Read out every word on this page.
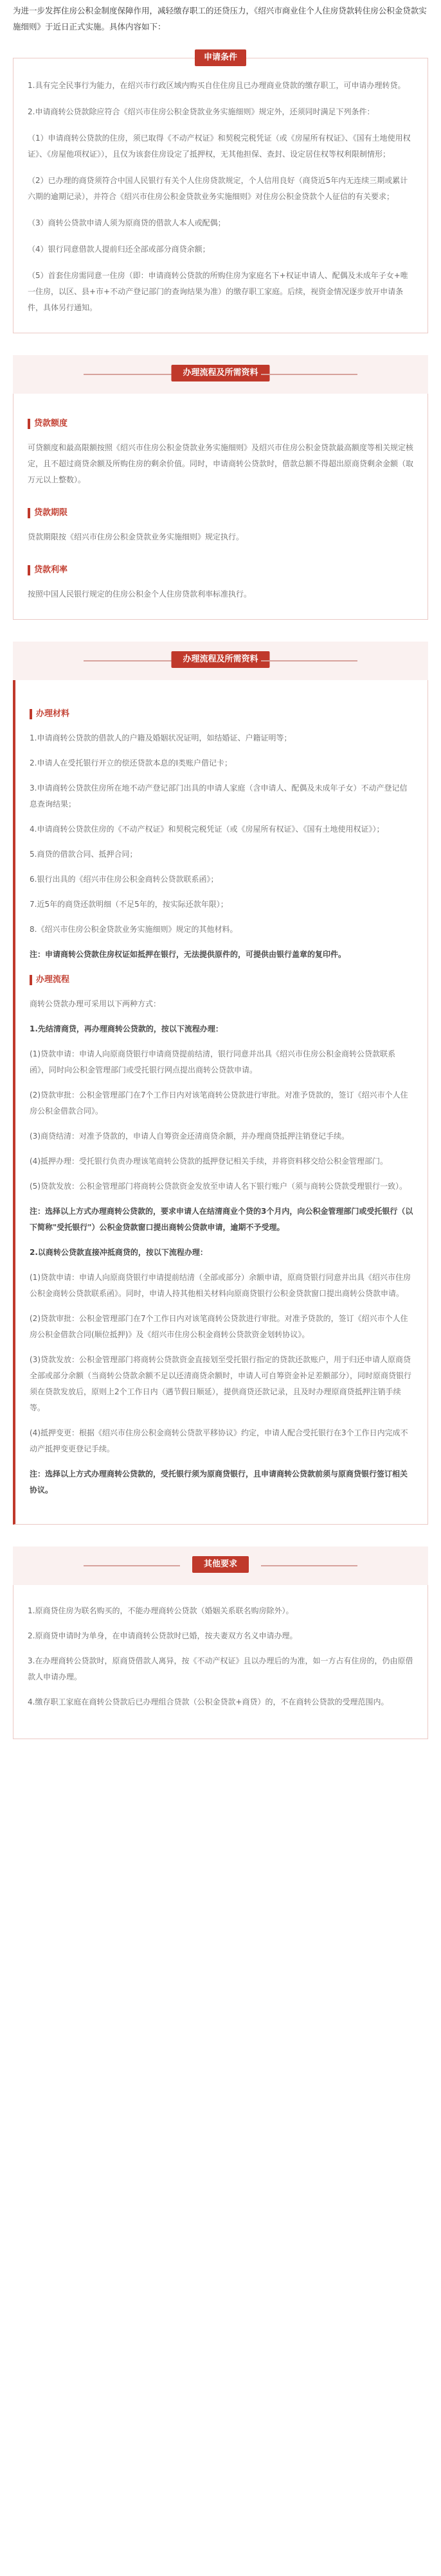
为进一步发挥住房公积金制度保障作用，减轻缴存职工的还贷压力，《绍兴市商业住个人住房贷款转住房公积金贷款实施细则》于近日正式实施。具体内容如下：
申请条件

1.具有完全民事行为能力，在绍兴市行政区域内购买自住住房且已办理商业贷款的缴存职工，可申请办理转贷。

2.申请商转公贷款除应符合《绍兴市住房公积金贷款业务实施细则》规定外，还须同时满足下列条件：

（1）申请商转公贷款的住房，须已取得《不动产权证》和契税完税凭证（或《房屋所有权证》、《国有土地使用权证》、《房屋他项权证》），且仅为该套住房设定了抵押权，无其他担保、查封、设定居住权等权利限制情形；

（2）已办理的商贷须符合中国人民银行有关个人住房贷款规定，个人信用良好（商贷近5年内无连续三期或累计六期的逾期记录），并符合《绍兴市住房公积金贷款业务实施细则》对住房公积金贷款个人征信的有关要求；

（3）商转公贷款申请人须为原商贷的借款人本人或配偶；

（4）银行同意借款人提前归还全部或部分商贷余额；

（5）首套住房需同意一住房（即：申请商转公贷款的所购住房为家庭名下+权证申请人、配偶及未成年子女+唯一住房，以区、县+市+不动产登记部门的查询结果为准）的缴存职工家庭。后续，视资金情况逐步放开申请条件，具体另行通知。

办理流程及所需资料
贷款额度

可贷额度和最高限额按照《绍兴市住房公积金贷款业务实施细则》及绍兴市住房公积金贷款最高额度等相关规定核定，且不超过商贷余额及所购住房的剩余价值。同时，申请商转公贷款时，借款总额不得超出原商贷剩余金额（取万元以上整数）。

贷款期限

贷款期限按《绍兴市住房公积金贷款业务实施细则》规定执行。

贷款利率

按照中国人民银行规定的住房公积金个人住房贷款利率标准执行。

办理流程及所需资料
办理材料

1.申请商转公贷款的借款人的户籍及婚姻状况证明，如结婚证、户籍证明等；

2.申请人在受托银行开立的偿还贷款本息的Ⅰ类账户借记卡；

3.申请商转公贷款住房所在地不动产登记部门出具的申请人家庭（含申请人、配偶及未成年子女）不动产登记信息查询结果；

4.申请商转公贷款住房的《不动产权证》和契税完税凭证（或《房屋所有权证》、《国有土地使用权证》）；

5.商贷的借款合同、抵押合同；

6.银行出具的《绍兴市住房公积金商转公贷款联系函》；

7.近5年的商贷还款明细（不足5年的，按实际还款年限）；

8.《绍兴市住房公积金贷款业务实施细则》规定的其他材料。

注：申请商转公贷款住房权证如抵押在银行，无法提供原件的，可提供由银行盖章的复印件。

办理流程

商转公贷款办理可采用以下两种方式：

1.先结清商贷，再办理商转公贷款的，按以下流程办理：

(1)贷款申请：申请人向原商贷银行申请商贷提前结清，银行同意并出具《绍兴市住房公积金商转公贷款联系函》，同时向公积金管理部门或受托银行网点提出商转公贷款申请。

(2)贷款审批：公积金管理部门在7个工作日内对该笔商转公贷款进行审批。对准予贷款的，签订《绍兴市个人住房公积金借款合同》。

(3)商贷结清：对准予贷款的，申请人自筹资金还清商贷余额，并办理商贷抵押注销登记手续。

(4)抵押办理：受托银行负责办理该笔商转公贷款的抵押登记相关手续，并将资料移交给公积金管理部门。

(5)贷款发放：公积金管理部门将商转公贷款资金发放至申请人名下银行账户（须与商转公贷款受理银行一致）。

注：选择以上方式办理商转公贷款的，要求申请人在结清商业个贷的3个月内，向公积金管理部门或受托银行（以下简称"受托银行"）公积金贷款窗口提出商转公贷款申请，逾期不予受理。

2.以商转公贷款直接冲抵商贷的，按以下流程办理：

(1)贷款申请：申请人向原商贷银行申请提前结清（全部或部分）余额申请，原商贷银行同意并出具《绍兴市住房公积金商转公贷款联系函》。同时，申请人持其他相关材料向原商贷银行公积金贷款窗口提出商转公贷款申请。

(2)贷款审批：公积金管理部门在7个工作日内对该笔商转公贷款进行审批。对准予贷款的，签订《绍兴市个人住房公积金借款合同(顺位抵押)》及《绍兴市住房公积金商转公贷款资金划转协议》。

(3)贷款发放：公积金管理部门将商转公贷款资金直接划至受托银行指定的贷款还款账户，用于归还申请人原商贷全部或部分余额（当商转公贷款余额不足以还清商贷余额时，申请人可自筹资金补足差额部分），同时原商贷银行须在贷款发放后，原则上2个工作日内（遇节假日顺延），提供商贷还款记录，且及时办理原商贷抵押注销手续等。

(4)抵押变更：根据《绍兴市住房公积金商转公贷款平移协议》约定，申请人配合受托银行在3个工作日内完成不动产抵押变更登记手续。

注：选择以上方式办理商转公贷款的，受托银行须为原商贷银行，且申请商转公贷款前须与原商贷银行签订相关协议。

其他要求

1.原商贷住房为联名购买的，不能办理商转公贷款（婚姻关系联名购房除外）。

2.原商贷申请时为单身，在申请商转公贷款时已婚，按夫妻双方名义申请办理。

3.在办理商转公贷款时，原商贷借款人离异，按《不动产权证》且以办理后的为准，如一方占有住房的，仍由原借款人申请办理。

4.缴存职工家庭在商转公贷款后已办理组合贷款（公积金贷款+商贷）的，不在商转公贷款的受理范围内。
